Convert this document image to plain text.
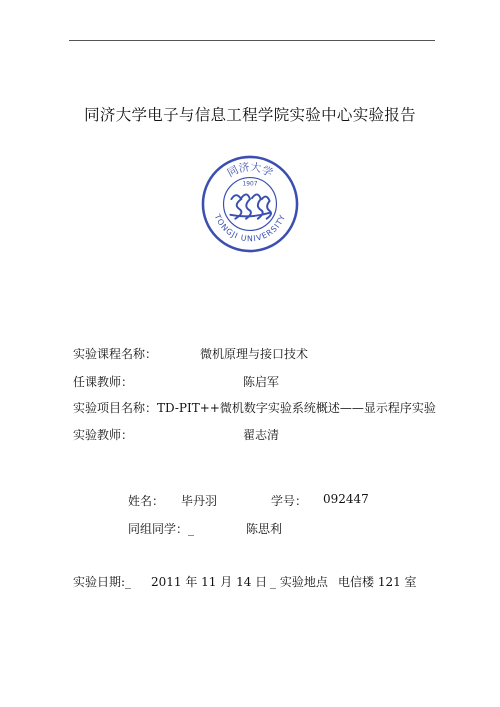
同济大学电子与信息工程学院实验中心实验报告
同济大学
TONGJI UNIVERSITY
1907
实验课程名称：	微机原理与接口技术
任课教师：	陈启军
实验项目名称：TD-PIT++微机数字实验系统概述——显示程序实验
实验教师：	翟志清
姓名： 毕丹羽	学号： 092447
同组同学：_	陈思利
实验日期:_ 2011 年 11 月 14 日 _ 实验地点 电信楼 121 室
